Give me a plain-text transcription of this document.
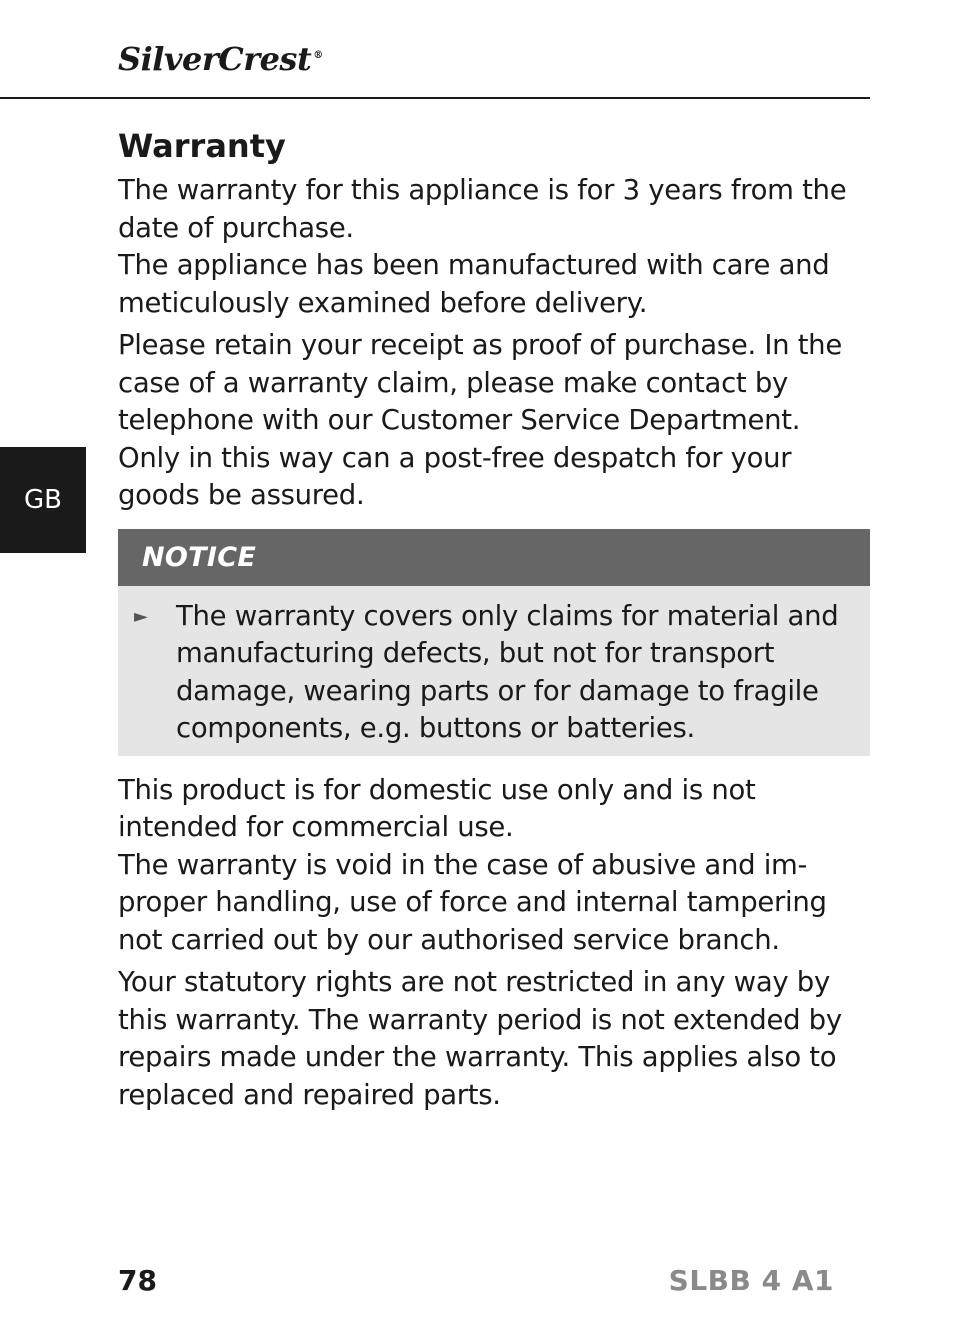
SilverCrest ®
GB
Warranty

The warranty for this appliance is for 3 years from the date of purchase.

The appliance has been manufactured with care and meticulously examined before delivery.

Please retain your receipt as proof of purchase. In the case of a warranty claim, please make contact by telephone with our Customer Service Department. Only in this way can a post-free despatch for your goods be assured.

NOTICE
►	The warranty covers only claims for material and manufacturing defects, but not for transport damage, wearing parts or for damage to fragile components, e.g. buttons or batteries.

This product is for domestic use only and is not intended for commercial use.

The warranty is void in the case of abusive and improper handling, use of force and internal tampering not carried out by our authorised service branch.

Your statutory rights are not restricted in any way by this warranty. The warranty period is not extended by repairs made under the warranty. This applies also to replaced and repaired parts.

78	SLBB 4 A1
